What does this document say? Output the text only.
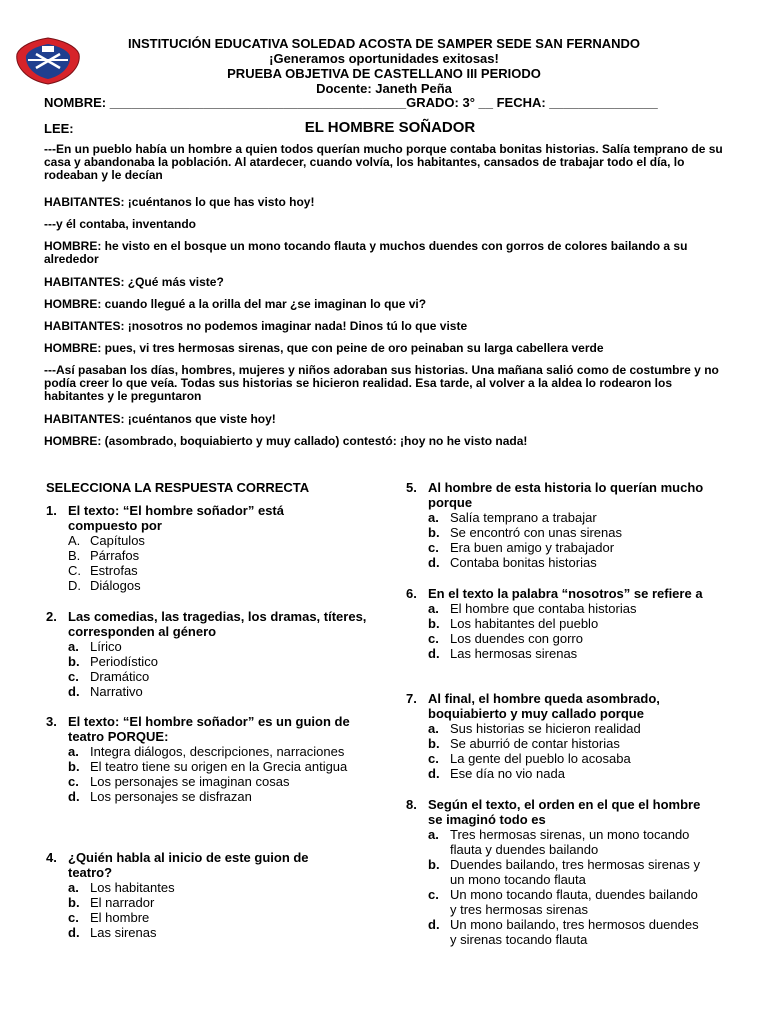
INSTITUCIÓN EDUCATIVA SOLEDAD ACOSTA DE SAMPER SEDE SAN FERNANDO
¡Generamos oportunidades exitosas!
PRUEBA OBJETIVA DE CASTELLANO III PERIODO
Docente: Janeth Peña
NOMBRE: _________________________________________GRADO: 3° __ FECHA: _______________
LEE:	EL HOMBRE SOÑADOR

---En un pueblo había un hombre a quien todos querían mucho porque contaba bonitas historias. Salía temprano de su casa y abandonaba la población. Al atardecer, cuando volvía, los habitantes, cansados de trabajar todo el día, lo rodeaban y le decían

HABITANTES: ¡cuéntanos lo que has visto hoy!

---y él contaba, inventando

HOMBRE: he visto en el bosque un mono tocando flauta y muchos duendes con gorros de colores bailando a su alrededor

HABITANTES: ¿Qué más viste?

HOMBRE: cuando llegué a la orilla del mar ¿se imaginan lo que vi?

HABITANTES: ¡nosotros no podemos imaginar nada! Dinos tú lo que viste

HOMBRE: pues, vi tres hermosas sirenas, que con peine de oro peinaban su larga cabellera verde

---Así pasaban los días, hombres, mujeres y niños adoraban sus historias. Una mañana salió como de costumbre y no podía creer lo que veía. Todas sus historias se hicieron realidad. Esa tarde, al volver a la aldea lo rodearon los habitantes y le preguntaron

HABITANTES: ¡cuéntanos que viste hoy!

HOMBRE: (asombrado, boquiabierto y muy callado) contestó: ¡hoy no he visto nada!

SELECCIONA LA RESPUESTA CORRECTA
1. El texto: “El hombre soñador” está compuesto por
A. Capítulos
B. Párrafos
C. Estrofas
D. Diálogos
2. Las comedias, las tragedias, los dramas, títeres, corresponden al género
a. Lírico
b. Periodístico
c. Dramático
d. Narrativo
3. El texto: “El hombre soñador” es un guion de teatro PORQUE:
a. Integra diálogos, descripciones, narraciones
b. El teatro tiene su origen en la Grecia antigua
c. Los personajes se imaginan cosas
d. Los personajes se disfrazan
4. ¿Quién habla al inicio de este guion de teatro?
a. Los habitantes
b. El narrador
c. El hombre
d. Las sirenas
5. Al hombre de esta historia lo querían mucho porque
a. Salía temprano a trabajar
b. Se encontró con unas sirenas
c. Era buen amigo y trabajador
d. Contaba bonitas historias
6. En el texto la palabra “nosotros” se refiere a
a. El hombre que contaba historias
b. Los habitantes del pueblo
c. Los duendes con gorro
d. Las hermosas sirenas
7. Al final, el hombre queda asombrado, boquiabierto y muy callado porque
a. Sus historias se hicieron realidad
b. Se aburrió de contar historias
c. La gente del pueblo lo acosaba
d. Ese día no vio nada
8. Según el texto, el orden en el que el hombre se imaginó todo es
a. Tres hermosas sirenas, un mono tocando flauta y duendes bailando
b. Duendes bailando, tres hermosas sirenas y un mono tocando flauta
c. Un mono tocando flauta, duendes bailando y tres hermosas sirenas
d. Un mono bailando, tres hermosos duendes y sirenas tocando flauta
